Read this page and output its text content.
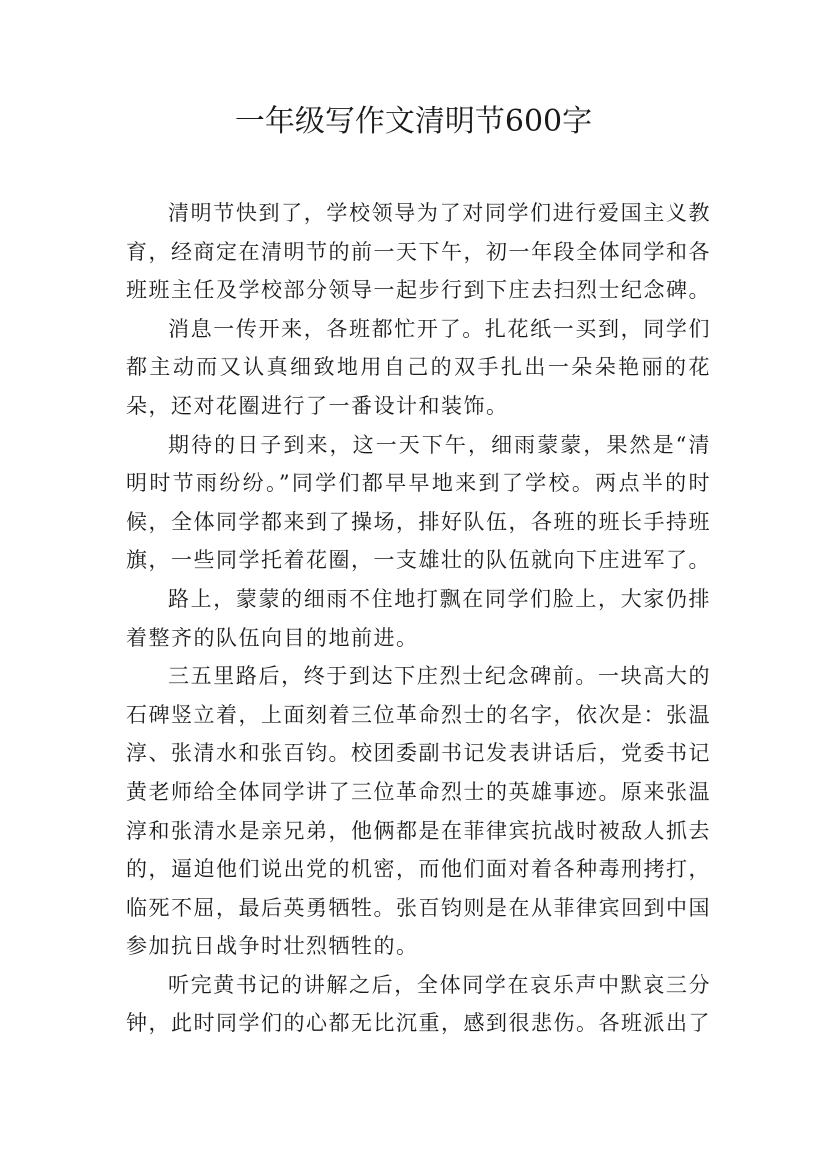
一年级写作文清明节600字

清明节快到了，学校领导为了对同学们进行爱国主义教育，经商定在清明节的前一天下午，初一年段全体同学和各班班主任及学校部分领导一起步行到下庄去扫烈士纪念碑。

消息一传开来，各班都忙开了。扎花纸一买到，同学们都主动而又认真细致地用自己的双手扎出一朵朵艳丽的花朵，还对花圈进行了一番设计和装饰。

期待的日子到来，这一天下午，细雨蒙蒙，果然是“清明时节雨纷纷。”同学们都早早地来到了学校。两点半的时候，全体同学都来到了操场，排好队伍，各班的班长手持班旗，一些同学托着花圈，一支雄壮的队伍就向下庄进军了。

路上，蒙蒙的细雨不住地打飘在同学们脸上，大家仍排着整齐的队伍向目的地前进。

三五里路后，终于到达下庄烈士纪念碑前。一块高大的石碑竖立着，上面刻着三位革命烈士的名字，依次是：张温淳、张清水和张百钧。校团委副书记发表讲话后，党委书记黄老师给全体同学讲了三位革命烈士的英雄事迹。原来张温淳和张清水是亲兄弟，他俩都是在菲律宾抗战时被敌人抓去的，逼迫他们说出党的机密，而他们面对着各种毒刑拷打，临死不屈，最后英勇牺牲。张百钧则是在从菲律宾回到中国参加抗日战争时壮烈牺牲的。

听完黄书记的讲解之后，全体同学在哀乐声中默哀三分钟，此时同学们的心都无比沉重，感到很悲伤。各班派出了
